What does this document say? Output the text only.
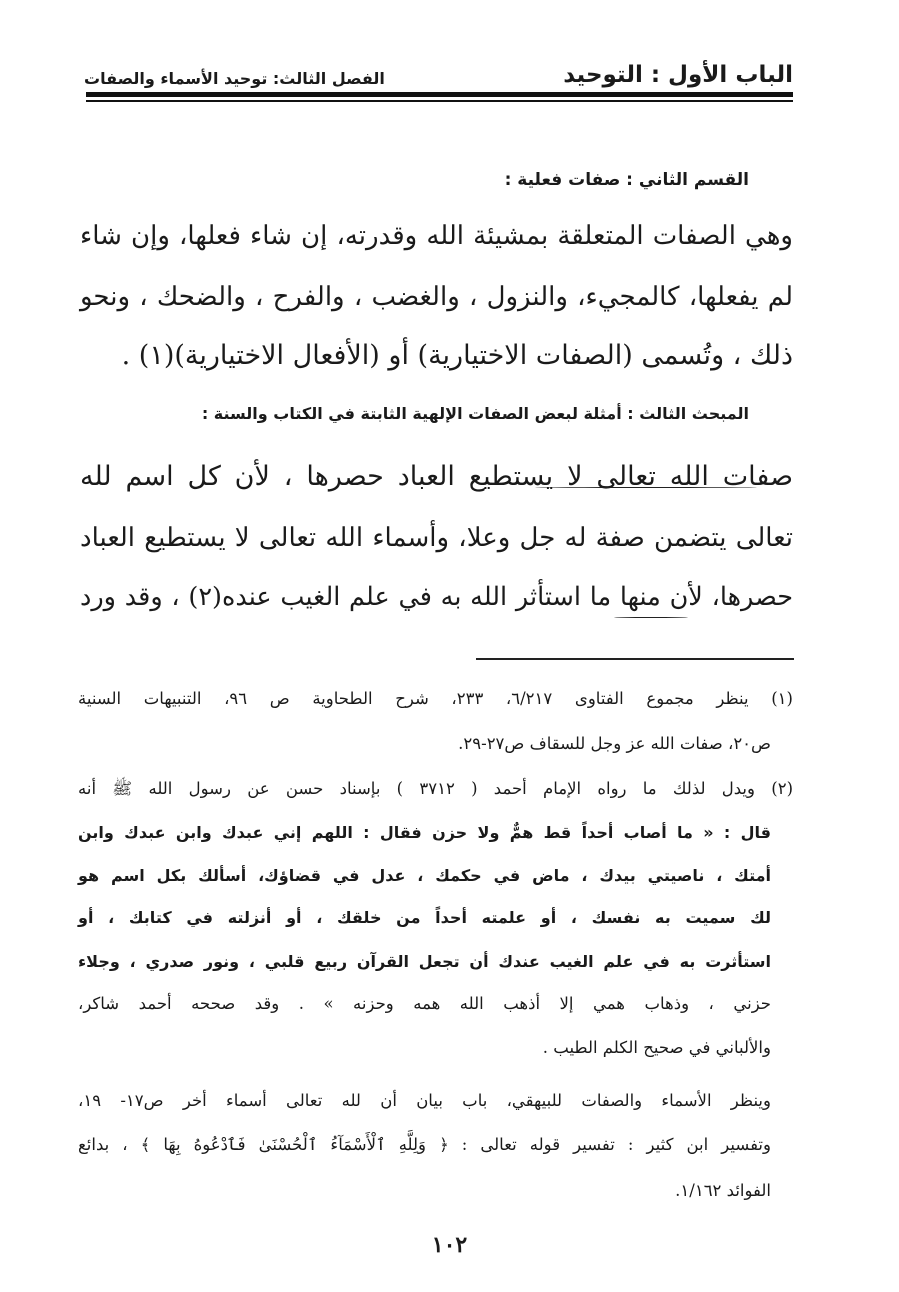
الباب الأول : التوحيد
الفصل الثالث: توحيد الأسماء والصفات
القسم الثاني : صفات فعلية :
وهي الصفات المتعلقة بمشيئة الله وقدرته، إن شاء فعلها، وإن شاء
لم يفعلها، كالمجيء، والنزول ، والغضب ، والفرح ، والضحك ، ونحو
ذلك ، وتُسمى (الصفات الاختيارية) أو (الأفعال الاختيارية)(١) .
المبحث الثالث : أمثلة لبعض الصفات الإلهية الثابتة في الكتاب والسنة :
صفات الله تعالى لا يستطيع العباد حصرها ، لأن كل اسم لله
تعالى يتضمن صفة له جل وعلا، وأسماء الله تعالى لا يستطيع العباد
حصرها، لأن منها ما استأثر الله به في علم الغيب عنده(٢) ، وقد ورد
(١) ينظر مجموع الفتاوى ٦/٢١٧، ٢٣٣، شرح الطحاوية ص ٩٦، التنبيهات السنية
ص٢٠، صفات الله عز وجل للسقاف ص٢٧-٢٩.
(٢) ويدل لذلك ما رواه الإمام أحمد ( ٣٧١٢ ) بإسناد حسن عن رسول الله ﷺ أنه
قال : « ما أصاب أحداً قط همٌّ ولا حزن فقال : اللهم إني عبدك وابن عبدك وابن
أمتك ، ناصيتي بيدك ، ماض في حكمك ، عدل في قضاؤك، أسألك بكل اسم هو
لك سميت به نفسك ، أو علمته أحداً من خلقك ، أو أنزلته في كتابك ، أو
استأثرت به في علم الغيب عندك أن تجعل القرآن ربيع قلبي ، ونور صدري ، وجلاء
حزني ، وذهاب همي إلا أذهب الله همه وحزنه » . وقد صححه أحمد شاكر،
والألباني في صحيح الكلم الطيب .
وينظر الأسماء والصفات للبيهقي، باب بيان أن لله تعالى أسماء أخر ص١٧- ١٩،
وتفسير ابن كثير : تفسير قوله تعالى : ﴿ وَلِلَّهِ ٱلْأَسْمَآءُ ٱلْحُسْنَىٰ فَٱدْعُوهُ بِهَا ﴾ ، بدائع
الفوائد ١/١٦٢.
١٠٢
